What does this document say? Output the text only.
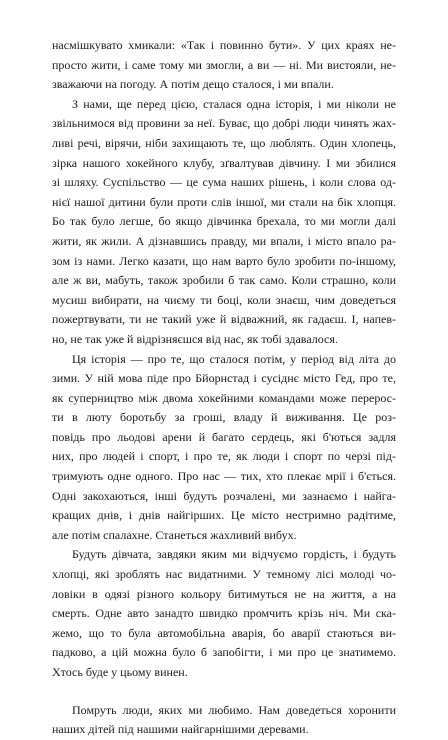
насмішкувато хмикали: «Так і повинно бути». У цих краях не-
просто жити, і саме тому ми змогли, а ви — ні. Ми вистояли, не-
зважаючи на погоду. А потім дещо сталося, і ми впали.
З нами, ще перед цією, сталася одна історія, і ми ніколи не
звільнимося від провини за неї. Буває, що добрі люди чинять жах-
ливі речі, вірячи, ніби захищають те, що люблять. Один хлопець,
зірка нашого хокейного клубу, зґвалтував дівчину. І ми збилися
зі шляху. Суспільство — це сума наших рішень, і коли слова од-
нієї нашої дитини були проти слів іншої, ми стали на бік хлопця.
Бо так було легше, бо якщо дівчинка брехала, то ми могли далі
жити, як жили. А дізнавшись правду, ми впали, і місто впало ра-
зом із нами. Легко казати, що нам варто було зробити по-іншому,
але ж ви, мабуть, також зробили б так само. Коли страшно, коли
мусиш вибирати, на чиєму ти боці, коли знаєш, чим доведеться
пожертвувати, ти не такий уже й відважний, як гадаєш. І, напев-
но, не так уже й відрізняєшся від нас, як тобі здавалося.
Ця історія — про те, що сталося потім, у період від літа до
зими. У ній мова піде про Бйорнстад і сусіднє місто Гед, про те,
як суперництво між двома хокейними командами може перерос-
ти в люту боротьбу за гроші, владу й виживання. Це роз-
повідь про льодові арени й багато сердець, які б'ються задля
них, про людей і спорт, і про те, як люди і спорт по черзі під-
тримують одне одного. Про нас — тих, хто плекає мрії і б'ється.
Одні закохаються, інші будуть розчалені, ми зазнаємо і найга-
кращих днів, і днів найгірших. Це місто нестримно радітиме,
але потім спалахне. Станеться жахливий вибух.
Будуть дівчата, завдяки яким ми відчуємо гордість, і будуть
хлопці, які зроблять нас видатними. У темному лісі молоді чо-
ловіки в одязі різного кольору битимуться не на життя, а на
смерть. Одне авто занадто швидко промчить крізь ніч. Ми ска-
жемо, що то була автомобільна аварія, бо аварії стаються ви-
падково, а цій можна було б запобігти, і ми про це знатимемо.
Хтось буде у цьому винен.
Помруть люди, яких ми любимо. Нам доведеться хоронити
наших дітей під нашими найгарнішими деревами.
